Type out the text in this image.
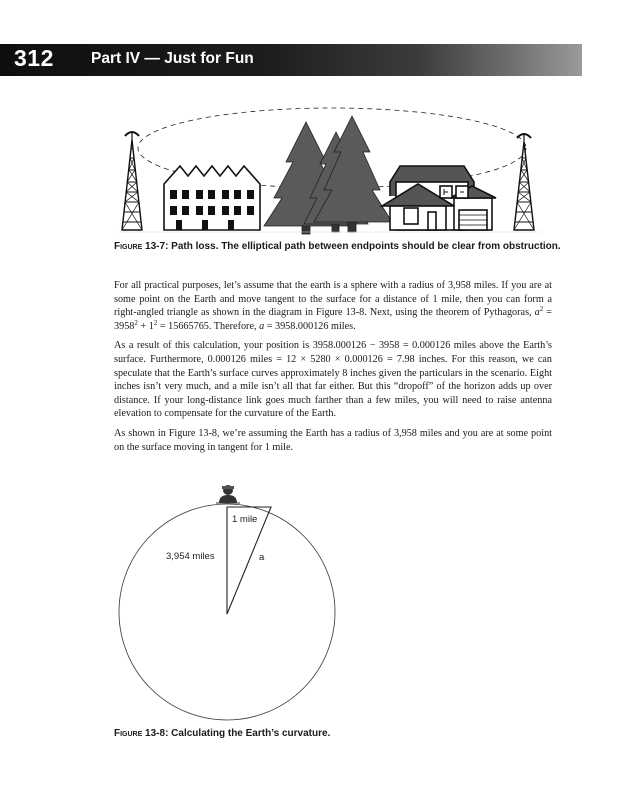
312 Part IV — Just for Fun
Figure 13-7: Path loss. The elliptical path between endpoints should be clear from obstruction.

For all practical purposes, let’s assume that the earth is a sphere with a radius of 3,958 miles. If you are at some point on the Earth and move tangent to the surface for a distance of 1 mile, then you can form a right-angled triangle as shown in the diagram in Figure 13-8. Next, using the theorem of Pythagoras, $a^2 = 3958^2 + 1^2 = 15665765$. Therefore, a = 3958.000126 miles.

As a result of this calculation, your position is 3958.000126 − 3958 = 0.000126 miles above the Earth’s surface. Furthermore, 0.000126 miles = 12 × 5280 × 0.000126 = 7.98 inches. For this reason, we can speculate that the Earth’s surface curves approximately 8 inches given the particulars in the scenario. Eight inches isn’t very much, and a mile isn’t all that far either. But this “dropoff” of the horizon adds up over distance. If your long-distance link goes much farther than a few miles, you will need to raise antenna elevation to compensate for the curvature of the Earth.

As shown in Figure 13-8, we’re assuming the Earth has a radius of 3,958 miles and you are at some point on the surface moving in tangent for 1 mile.

1 mile
3,954 miles	a
Figure 13-8: Calculating the Earth’s curvature.
